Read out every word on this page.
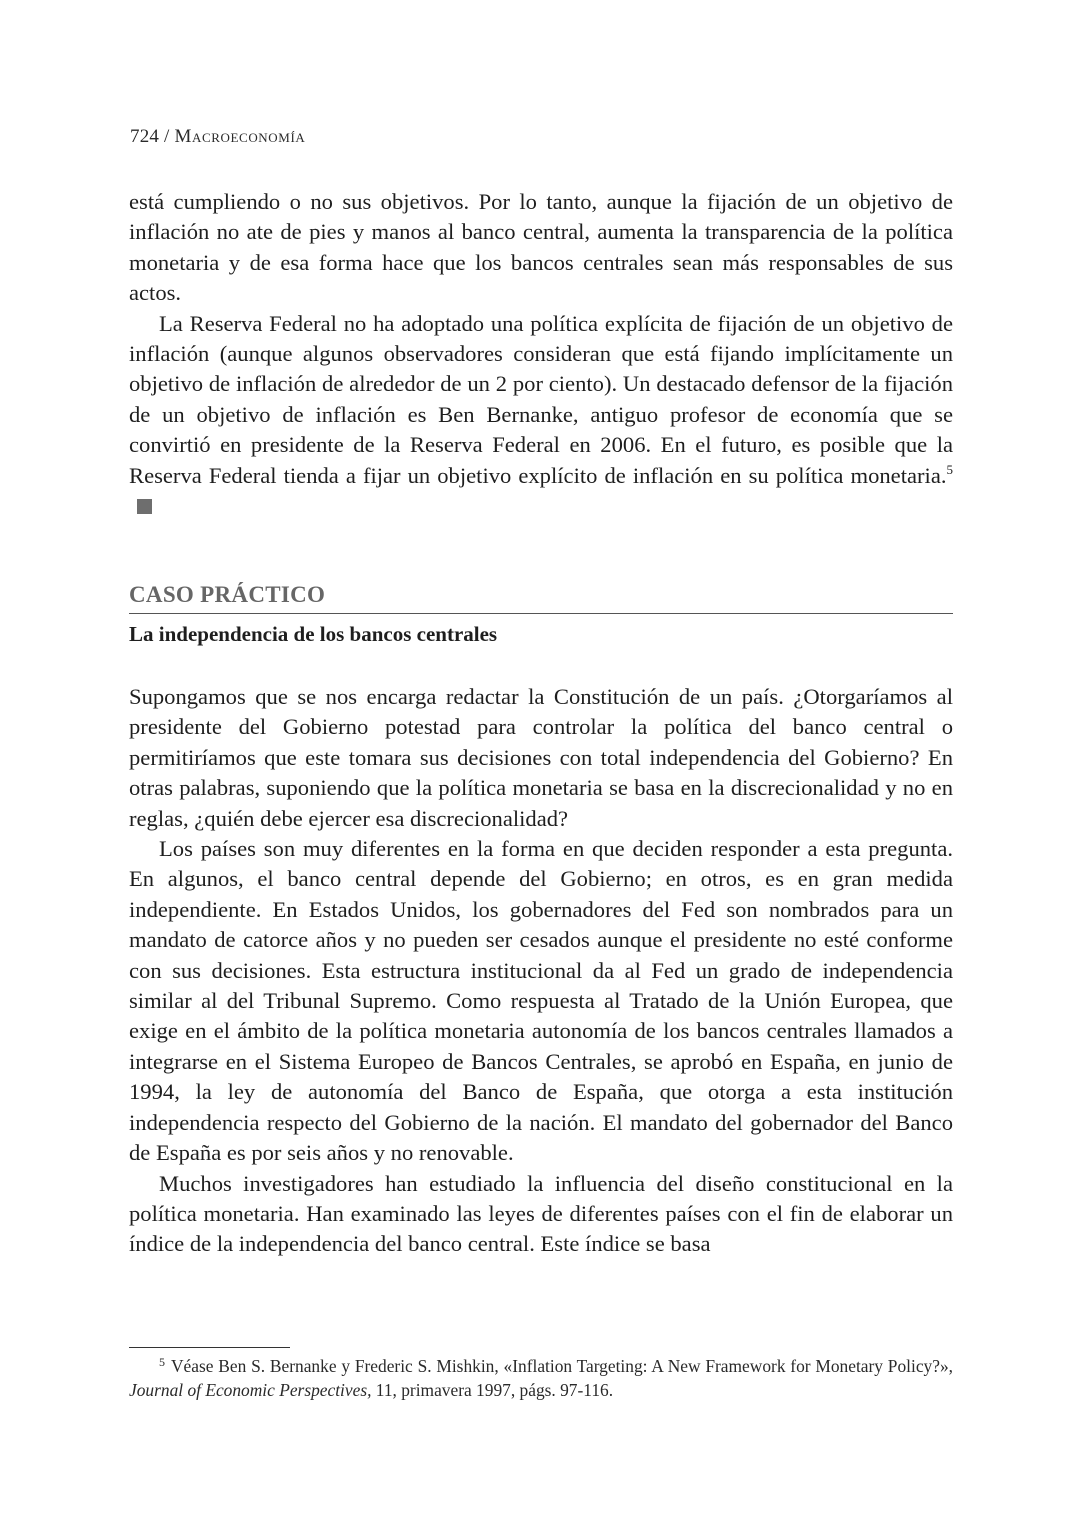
724 / Macroeconomía

está cumpliendo o no sus objetivos. Por lo tanto, aunque la fijación de un objetivo de inflación no ate de pies y manos al banco central, aumenta la transparencia de la política monetaria y de esa forma hace que los bancos centrales sean más responsables de sus actos.

La Reserva Federal no ha adoptado una política explícita de fijación de un objetivo de inflación (aunque algunos observadores consideran que está fijando implícitamente un objetivo de inflación de alrededor de un 2 por ciento). Un destacado defensor de la fijación de un objetivo de inflación es Ben Bernanke, antiguo profesor de economía que se convirtió en presidente de la Reserva Federal en 2006. En el futuro, es posible que la Reserva Federal tienda a fijar un objetivo explícito de inflación en su política monetaria.$^5$

CASO PRÁCTICO
La independencia de los bancos centrales

Supongamos que se nos encarga redactar la Constitución de un país. ¿Otorgaríamos al presidente del Gobierno potestad para controlar la política del banco central o permitiríamos que este tomara sus decisiones con total independencia del Gobierno? En otras palabras, suponiendo que la política monetaria se basa en la discrecionalidad y no en reglas, ¿quién debe ejercer esa discrecionalidad?

Los países son muy diferentes en la forma en que deciden responder a esta pregunta. En algunos, el banco central depende del Gobierno; en otros, es en gran medida independiente. En Estados Unidos, los gobernadores del Fed son nombrados para un mandato de catorce años y no pueden ser cesados aunque el presidente no esté conforme con sus decisiones. Esta estructura institucional da al Fed un grado de independencia similar al del Tribunal Supremo. Como respuesta al Tratado de la Unión Europea, que exige en el ámbito de la política monetaria autonomía de los bancos centrales llamados a integrarse en el Sistema Europeo de Bancos Centrales, se aprobó en España, en junio de 1994, la ley de autonomía del Banco de España, que otorga a esta institución independencia respecto del Gobierno de la nación. El mandato del gobernador del Banco de España es por seis años y no renovable.

Muchos investigadores han estudiado la influencia del diseño constitucional en la política monetaria. Han examinado las leyes de diferentes países con el fin de elaborar un índice de la independencia del banco central. Este índice se basa

$^5$ Véase Ben S. Bernanke y Frederic S. Mishkin, «Inflation Targeting: A New Framework for Monetary Policy?», Journal of Economic Perspectives, 11, primavera 1997, págs. 97-116.
